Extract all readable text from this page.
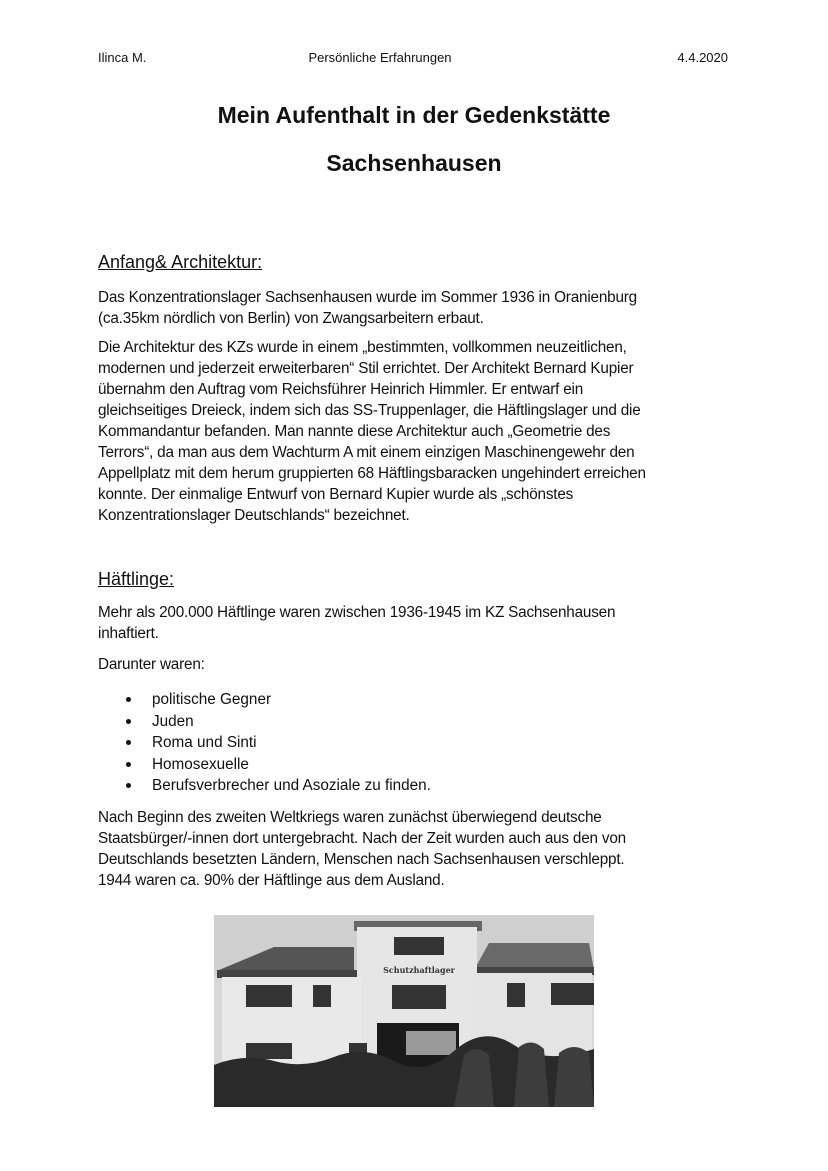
Ilinca M.	Persönliche Erfahrungen	4.4.2020
Mein Aufenthalt in der Gedenkstätte
Sachsenhausen
Anfang& Architektur:
Das Konzentrationslager Sachsenhausen wurde im Sommer 1936 in Oranienburg
(ca.35km nördlich von Berlin) von Zwangsarbeitern erbaut.
Die Architektur des KZs wurde in einem „bestimmten, vollkommen neuzeitlichen,
modernen und jederzeit erweiterbaren“ Stil errichtet. Der Architekt Bernard Kupier
übernahm den Auftrag vom Reichsführer Heinrich Himmler. Er entwarf ein
gleichseitiges Dreieck, indem sich das SS-Truppenlager, die Häftlingslager und die
Kommandantur befanden. Man nannte diese Architektur auch „Geometrie des
Terrors“, da man aus dem Wachturm A mit einem einzigen Maschinengewehr den
Appellplatz mit dem herum gruppierten 68 Häftlingsbaracken ungehindert erreichen
konnte. Der einmalige Entwurf von Bernard Kupier wurde als „schönstes
Konzentrationslager Deutschlands“ bezeichnet.
Häftlinge:
Mehr als 200.000 Häftlinge waren zwischen 1936-1945 im KZ Sachsenhausen
inhaftiert.
Darunter waren:
politische Gegner
Juden
Roma und Sinti
Homosexuelle
Berufsverbrecher und Asoziale zu finden.
Nach Beginn des zweiten Weltkriegs waren zunächst überwiegend deutsche
Staatsbürger/-innen dort untergebracht. Nach der Zeit wurden auch aus den von
Deutschlands besetzten Ländern, Menschen nach Sachsenhausen verschleppt.
1944 waren ca. 90% der Häftlinge aus dem Ausland.
Schutzhaftlager
